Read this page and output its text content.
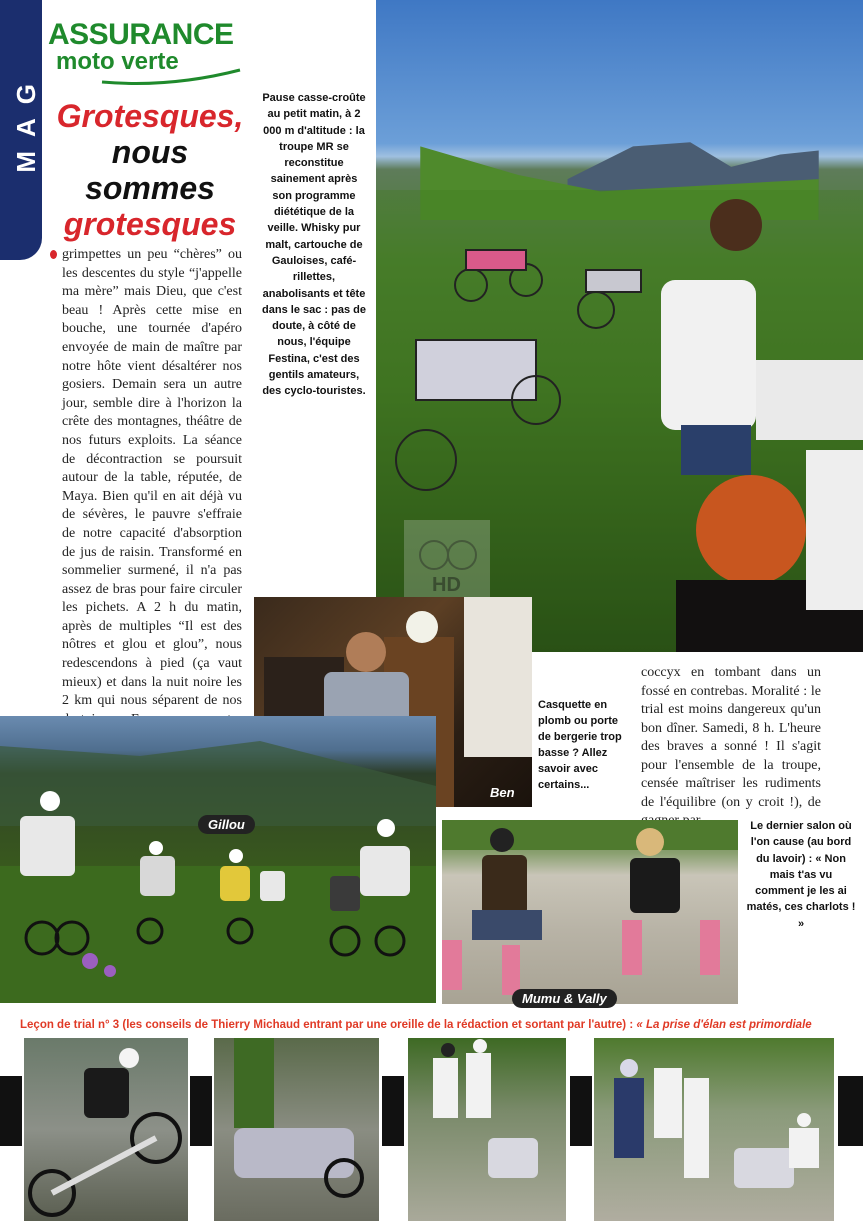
MAG
ASSURANCE
moto verte
Grotesques,
nous
sommes
grotesques
grimpettes un peu “chères” ou les descentes du style “j'appelle ma mère” mais Dieu, que c'est beau ! Après cette mise en bouche, une tournée d'apéro envoyée de main de maître par notre hôte vient désaltérer nos gosiers. Demain sera un autre jour, semble dire à l'horizon la crête des montagnes, théâtre de nos futurs exploits. La séance de décontraction se poursuit autour de la table, réputée, de Maya. Bien qu'il en ait déjà vu de sévères, le pauvre s'effraie de notre capacité d'absorption de jus de raisin. Transformé en sommelier surmené, il n'a pas assez de bras pour faire circuler les pichets. A 2 h du matin, après de multiples “Il est des nôtres et glou et glou”, nous redescendons à pied (ça vaut mieux) et dans la nuit noire les 2 km qui nous séparent de nos
Pause casse-croûte au petit matin, à 2 000 m d'altitude : la troupe MR se reconstitue sainement après son programme diététique de la veille. Whisky pur malt, cartouche de Gauloises, café-rillettes, anabolisants et tête dans le sac : pas de doute, à côté de nous, l'équipe Festina, c'est des gentils amateurs, des cyclo-touristes.
HD
Ben
Casquette en plomb ou porte de bergerie trop basse ? Allez savoir avec certains...
coccyx en tombant dans un fossé en contrebas. Moralité : le trial est moins dangereux qu'un bon dîner. Samedi, 8 h. L'heure des braves a sonné ! Il s'agit pour l'ensemble de la troupe, censée maîtriser les rudiments de l'équilibre (on y croit !), de
Gillou
Mumu & Vally
Le dernier salon où l'on cause (au bord du lavoir) : « Non mais t'as vu comment je les ai matés, ces charlots ! »
Leçon de trial n° 3 (les conseils de Thierry Michaud entrant par une oreille de la rédaction et sortant par l'autre) : « La prise d'élan est primordiale
